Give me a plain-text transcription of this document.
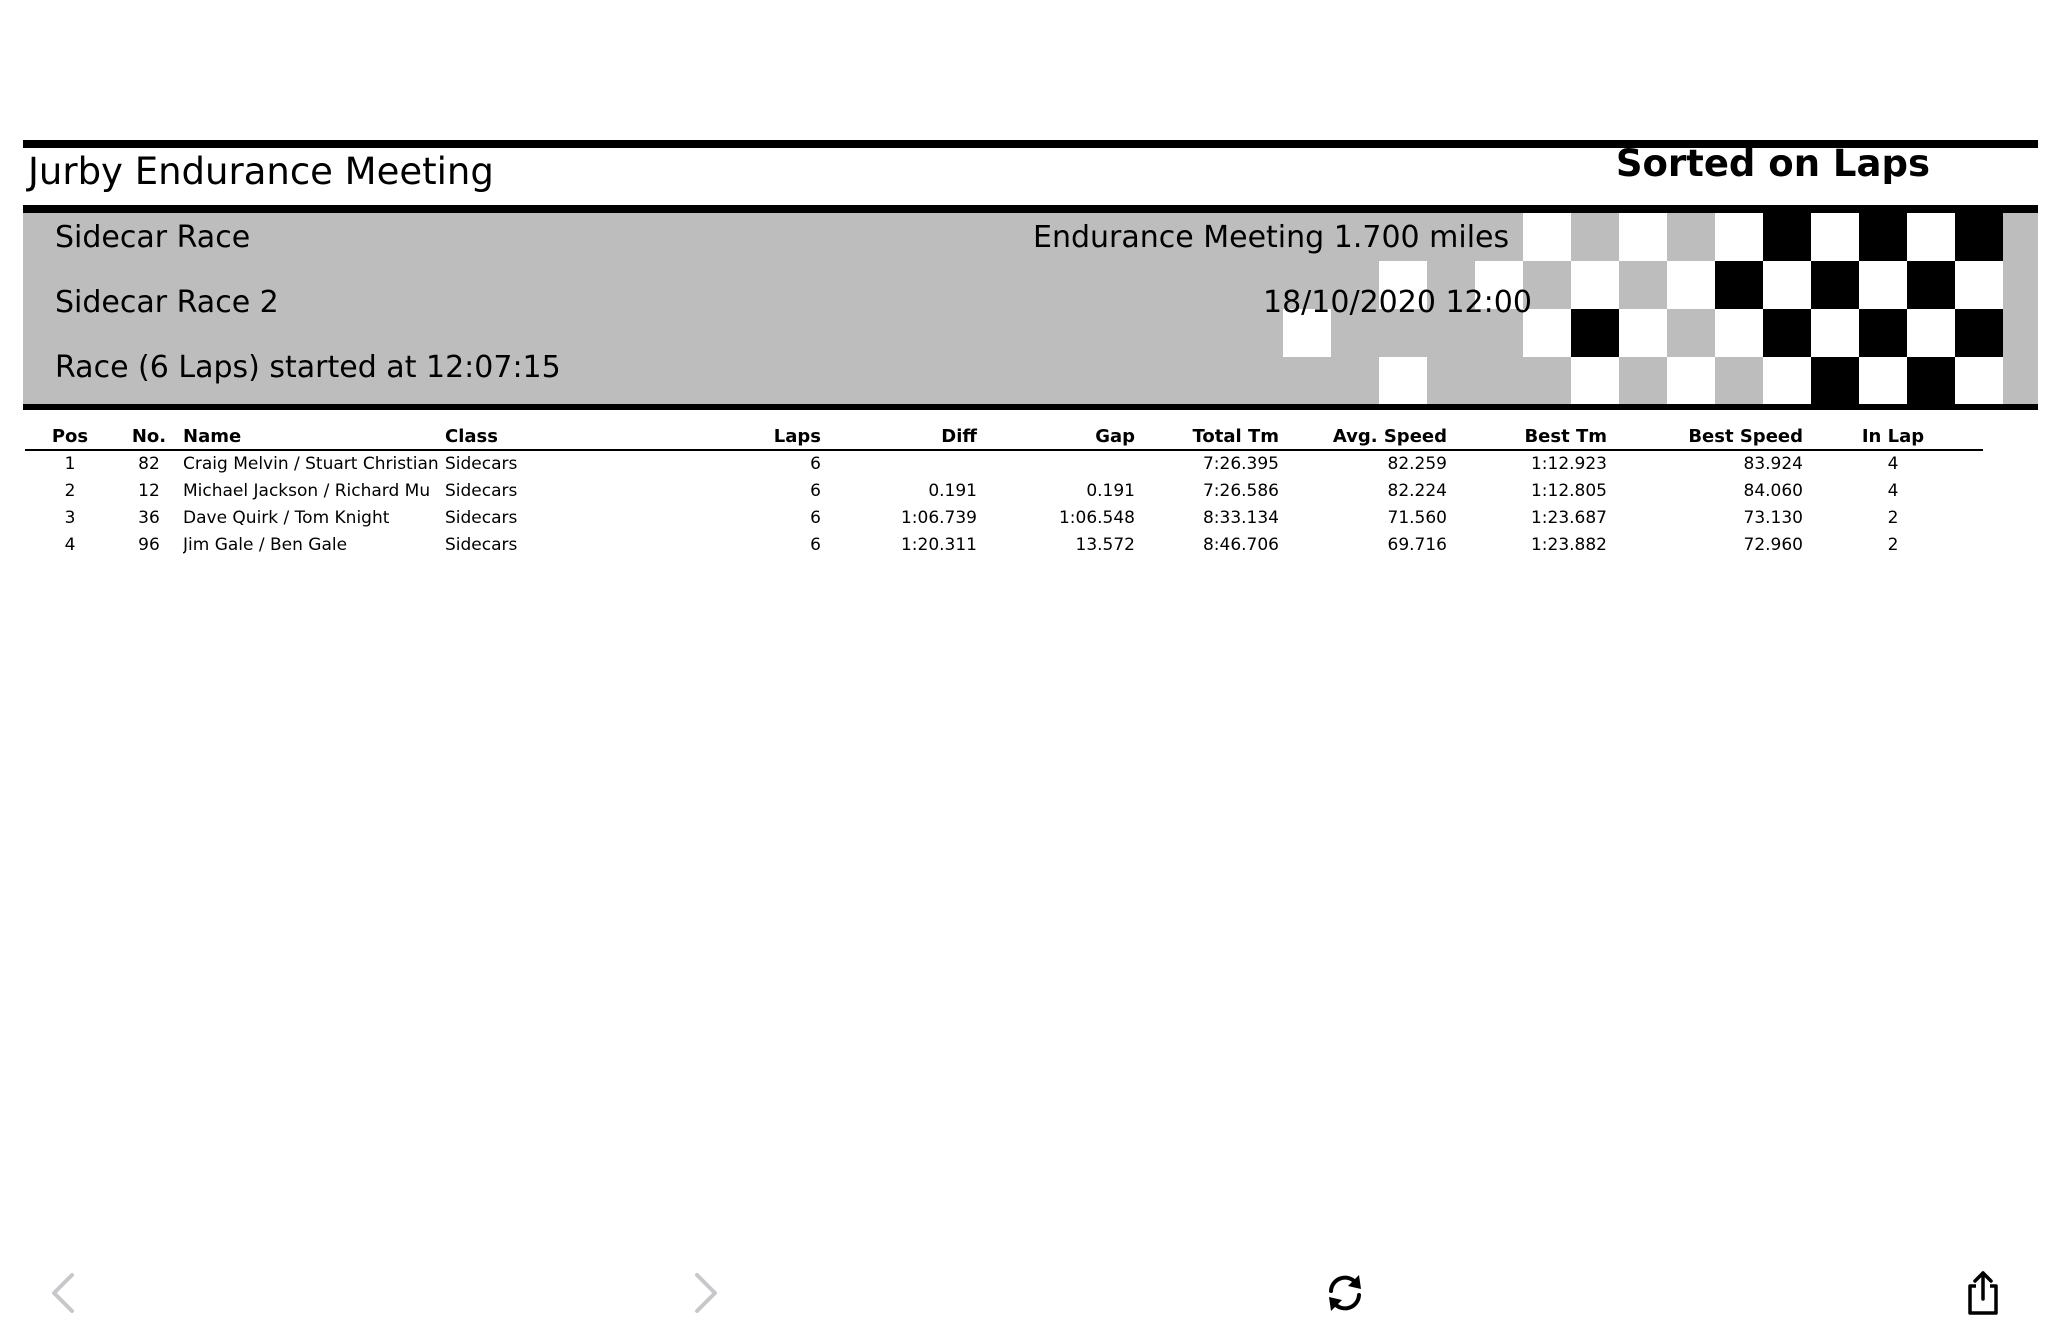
Jurby Endurance Meeting	Sorted on Laps
Sidecar Race
Sidecar Race 2
Race (6 Laps) started at 12:07:15
Endurance Meeting 1.700 miles
18/10/2020 12:00
Pos	No.	Name	Class	Laps	Diff	Gap	Total Tm	Avg. Speed	Best Tm	Best Speed	In Lap
1	82	Craig Melvin / Stuart Christian	Sidecars	6			7:26.395	82.259	1:12.923	83.924	4
2	12	Michael Jackson / Richard Mu	Sidecars	6	0.191	0.191	7:26.586	82.224	1:12.805	84.060	4
3	36	Dave Quirk / Tom Knight	Sidecars	6	1:06.739	1:06.548	8:33.134	71.560	1:23.687	73.130	2
4	96	Jim Gale / Ben Gale	Sidecars	6	1:20.311	13.572	8:46.706	69.716	1:23.882	72.960	2
